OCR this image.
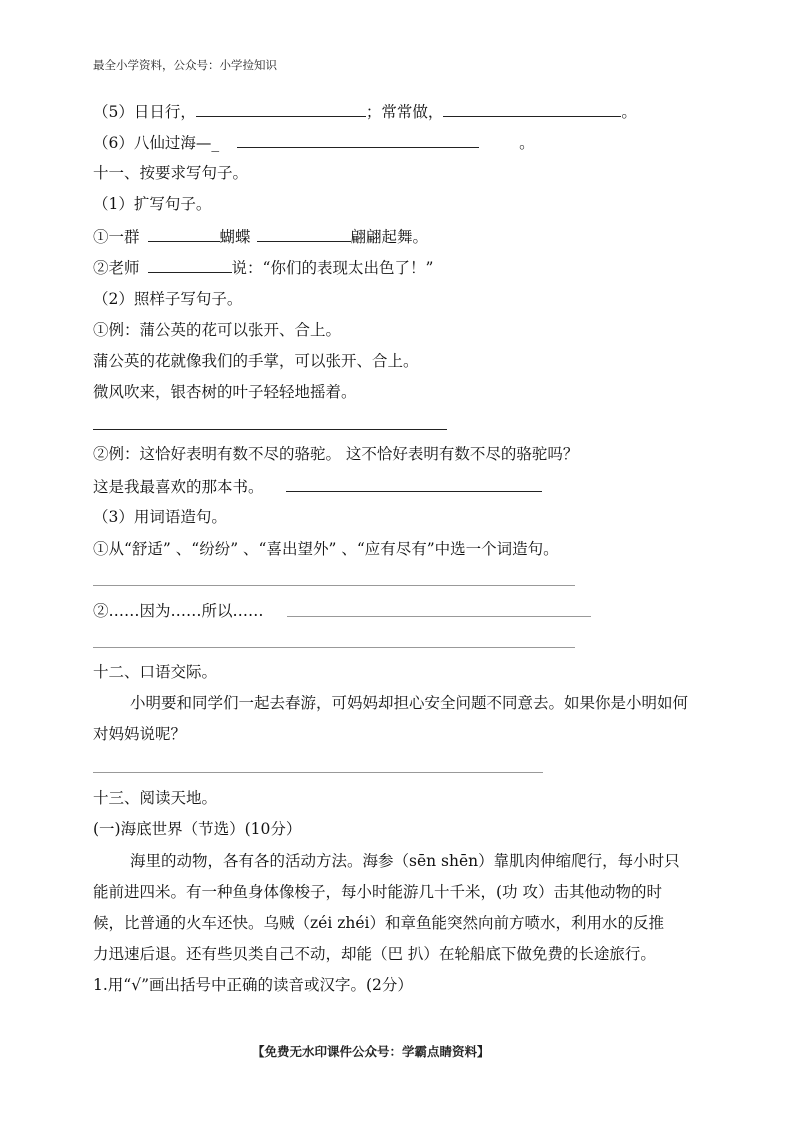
最全小学资料，公众号：小学捡知识
（5）日日行，	；常常做，	。
（6）八仙过海—_	。
十一、按要求写句子。
（1）扩写句子。
①一群	蝴蝶	翩翩起舞。
②老师	说：“你们的表现太出色了！”
（2）照样子写句子。
①例：蒲公英的花可以张开、合上。
蒲公英的花就像我们的手掌，可以张开、合上。
微风吹来，银杏树的叶子轻轻地摇着。
②例：这恰好表明有数不尽的骆驼。 这不恰好表明有数不尽的骆驼吗？
这是我最喜欢的那本书。
（3）用词语造句。
①从“舒适” 、“纷纷” 、“喜出望外” 、“应有尽有”中选一个词造句。
②……因为……所以……
十二、口语交际。
小明要和同学们一起去春游，可妈妈却担心安全问题不同意去。如果你是小明如何
对妈妈说呢？
十三、阅读天地。
(一)海底世界（节选）(10分）
海里的动物，各有各的活动方法。海参（sēn shēn）靠肌肉伸缩爬行，每小时只
能前进四米。有一种鱼身体像梭子，每小时能游几十千米，(功 攻）击其他动物的时
候，比普通的火车还快。乌贼（zéi zhéi）和章鱼能突然向前方喷水，利用水的反推
力迅速后退。还有些贝类自己不动，却能（巴 扒）在轮船底下做免费的长途旅行。
1.用“√”画出括号中正确的读音或汉字。(2分）
【免费无水印课件公众号：学霸点睛资料】
